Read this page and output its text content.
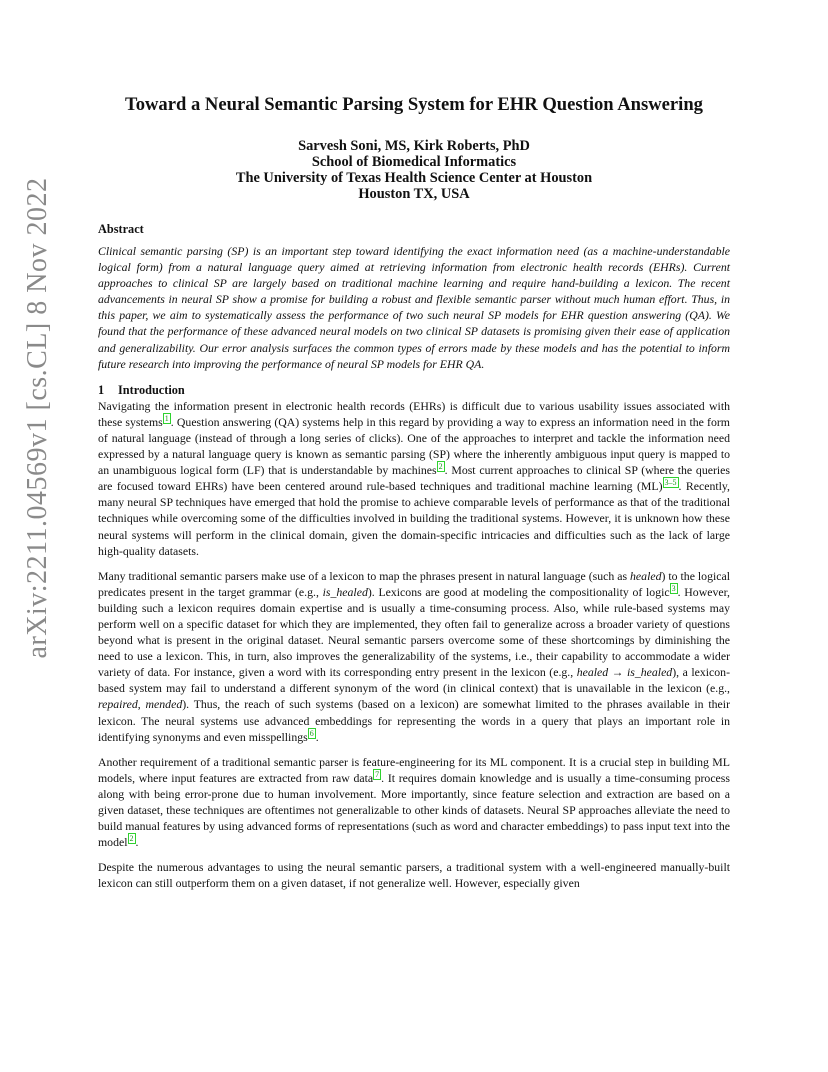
arXiv:2211.04569v1 [cs.CL] 8 Nov 2022
Toward a Neural Semantic Parsing System for EHR Question Answering
Sarvesh Soni, MS, Kirk Roberts, PhD
School of Biomedical Informatics
The University of Texas Health Science Center at Houston
Houston TX, USA
Abstract

Clinical semantic parsing (SP) is an important step toward identifying the exact information need (as a machine-understandable logical form) from a natural language query aimed at retrieving information from electronic health records (EHRs). Current approaches to clinical SP are largely based on traditional machine learning and require hand-building a lexicon. The recent advancements in neural SP show a promise for building a robust and flexible semantic parser without much human effort. Thus, in this paper, we aim to systematically assess the performance of two such neural SP models for EHR question answering (QA). We found that the performance of these advanced neural models on two clinical SP datasets is promising given their ease of application and generalizability. Our error analysis surfaces the common types of errors made by these models and has the potential to inform future research into improving the performance of neural SP models for EHR QA.

1 Introduction

Navigating the information present in electronic health records (EHRs) is difficult due to various usability issues associated with these systems $^1$ . Question answering (QA) systems help in this regard by providing a way to express an information need in the form of natural language (instead of through a long series of clicks). One of the approaches to interpret and tackle the information need expressed by a natural language query is known as semantic parsing (SP) where the inherently ambiguous input query is mapped to an unambiguous logical form (LF) that is understandable by machines $^2$ . Most current approaches to clinical SP (where the queries are focused toward EHRs) have been centered around rule-based techniques and traditional machine learning (ML) $^{3-5}$ . Recently, many neural SP techniques have emerged that hold the promise to achieve comparable levels of performance as that of the traditional techniques while overcoming some of the difficulties involved in building the traditional systems. However, it is unknown how these neural systems will perform in the clinical domain, given the domain-specific intricacies and difficulties such as the lack of large high-quality datasets.

Many traditional semantic parsers make use of a lexicon to map the phrases present in natural language (such as healed) to the logical predicates present in the target grammar (e.g., is_healed). Lexicons are good at modeling the compositionality of logic $^3$ . However, building such a lexicon requires domain expertise and is usually a time-consuming process. Also, while rule-based systems may perform well on a specific dataset for which they are implemented, they often fail to generalize across a broader variety of questions beyond what is present in the original dataset. Neural semantic parsers overcome some of these shortcomings by diminishing the need to use a lexicon. This, in turn, also improves the generalizability of the systems, i.e., their capability to accommodate a wider variety of data. For instance, given a word with its corresponding entry present in the lexicon (e.g., healed → is_healed), a lexicon-based system may fail to understand a different synonym of the word (in clinical context) that is unavailable in the lexicon (e.g., repaired, mended). Thus, the reach of such systems (based on a lexicon) are somewhat limited to the phrases available in their lexicon. The neural systems use advanced embeddings for representing the words in a query that plays an important role in identifying synonyms and even misspellings $^6$ .

Another requirement of a traditional semantic parser is feature-engineering for its ML component. It is a crucial step in building ML models, where input features are extracted from raw data $^7$ . It requires domain knowledge and is usually a time-consuming process along with being error-prone due to human involvement. More importantly, since feature selection and extraction are based on a given dataset, these techniques are oftentimes not generalizable to other kinds of datasets. Neural SP approaches alleviate the need to build manual features by using advanced forms of representations (such as word and character embeddings) to pass input text into the model $^2$ .

Despite the numerous advantages to using the neural semantic parsers, a traditional system with a well-engineered manually-built lexicon can still outperform them on a given dataset, if not generalize well. However, especially given
